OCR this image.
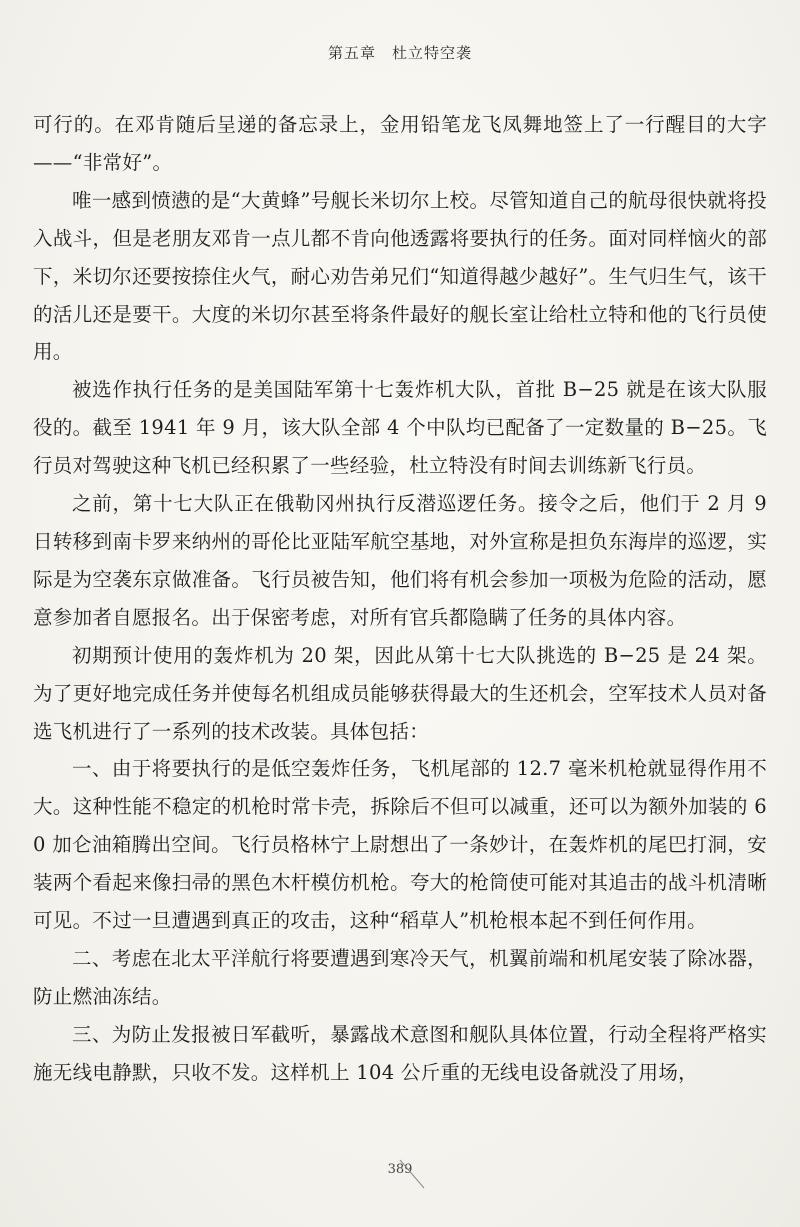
第五章　杜立特空袭

可行的。在邓肯随后呈递的备忘录上，金用铅笔龙飞凤舞地签上了一行醒目的大字——“非常好”。

唯一感到愤懑的是“大黄蜂”号舰长米切尔上校。尽管知道自己的航母很快就将投入战斗，但是老朋友邓肯一点儿都不肯向他透露将要执行的任务。面对同样恼火的部下，米切尔还要按捺住火气，耐心劝告弟兄们“知道得越少越好”。生气归生气，该干的活儿还是要干。大度的米切尔甚至将条件最好的舰长室让给杜立特和他的飞行员使用。

被选作执行任务的是美国陆军第十七轰炸机大队，首批 B−25 就是在该大队服役的。截至 1941 年 9 月，该大队全部 4 个中队均已配备了一定数量的 B−25。飞行员对驾驶这种飞机已经积累了一些经验，杜立特没有时间去训练新飞行员。

之前，第十七大队正在俄勒冈州执行反潜巡逻任务。接令之后，他们于 2 月 9 日转移到南卡罗来纳州的哥伦比亚陆军航空基地，对外宣称是担负东海岸的巡逻，实际是为空袭东京做准备。飞行员被告知，他们将有机会参加一项极为危险的活动，愿意参加者自愿报名。出于保密考虑，对所有官兵都隐瞒了任务的具体内容。

初期预计使用的轰炸机为 20 架，因此从第十七大队挑选的 B−25 是 24 架。为了更好地完成任务并使每名机组成员能够获得最大的生还机会，空军技术人员对备选飞机进行了一系列的技术改装。具体包括：

一、由于将要执行的是低空轰炸任务，飞机尾部的 12.7 毫米机枪就显得作用不大。这种性能不稳定的机枪时常卡壳，拆除后不但可以减重，还可以为额外加装的 60 加仑油箱腾出空间。飞行员格林宁上尉想出了一条妙计，在轰炸机的尾巴打洞，安装两个看起来像扫帚的黑色木杆模仿机枪。夸大的枪筒使可能对其追击的战斗机清晰可见。不过一旦遭遇到真正的攻击，这种“稻草人”机枪根本起不到任何作用。

二、考虑在北太平洋航行将要遭遇到寒冷天气，机翼前端和机尾安装了除冰器，防止燃油冻结。

三、为防止发报被日军截听，暴露战术意图和舰队具体位置，行动全程将严格实施无线电静默，只收不发。这样机上 104 公斤重的无线电设备就没了用场，

389
